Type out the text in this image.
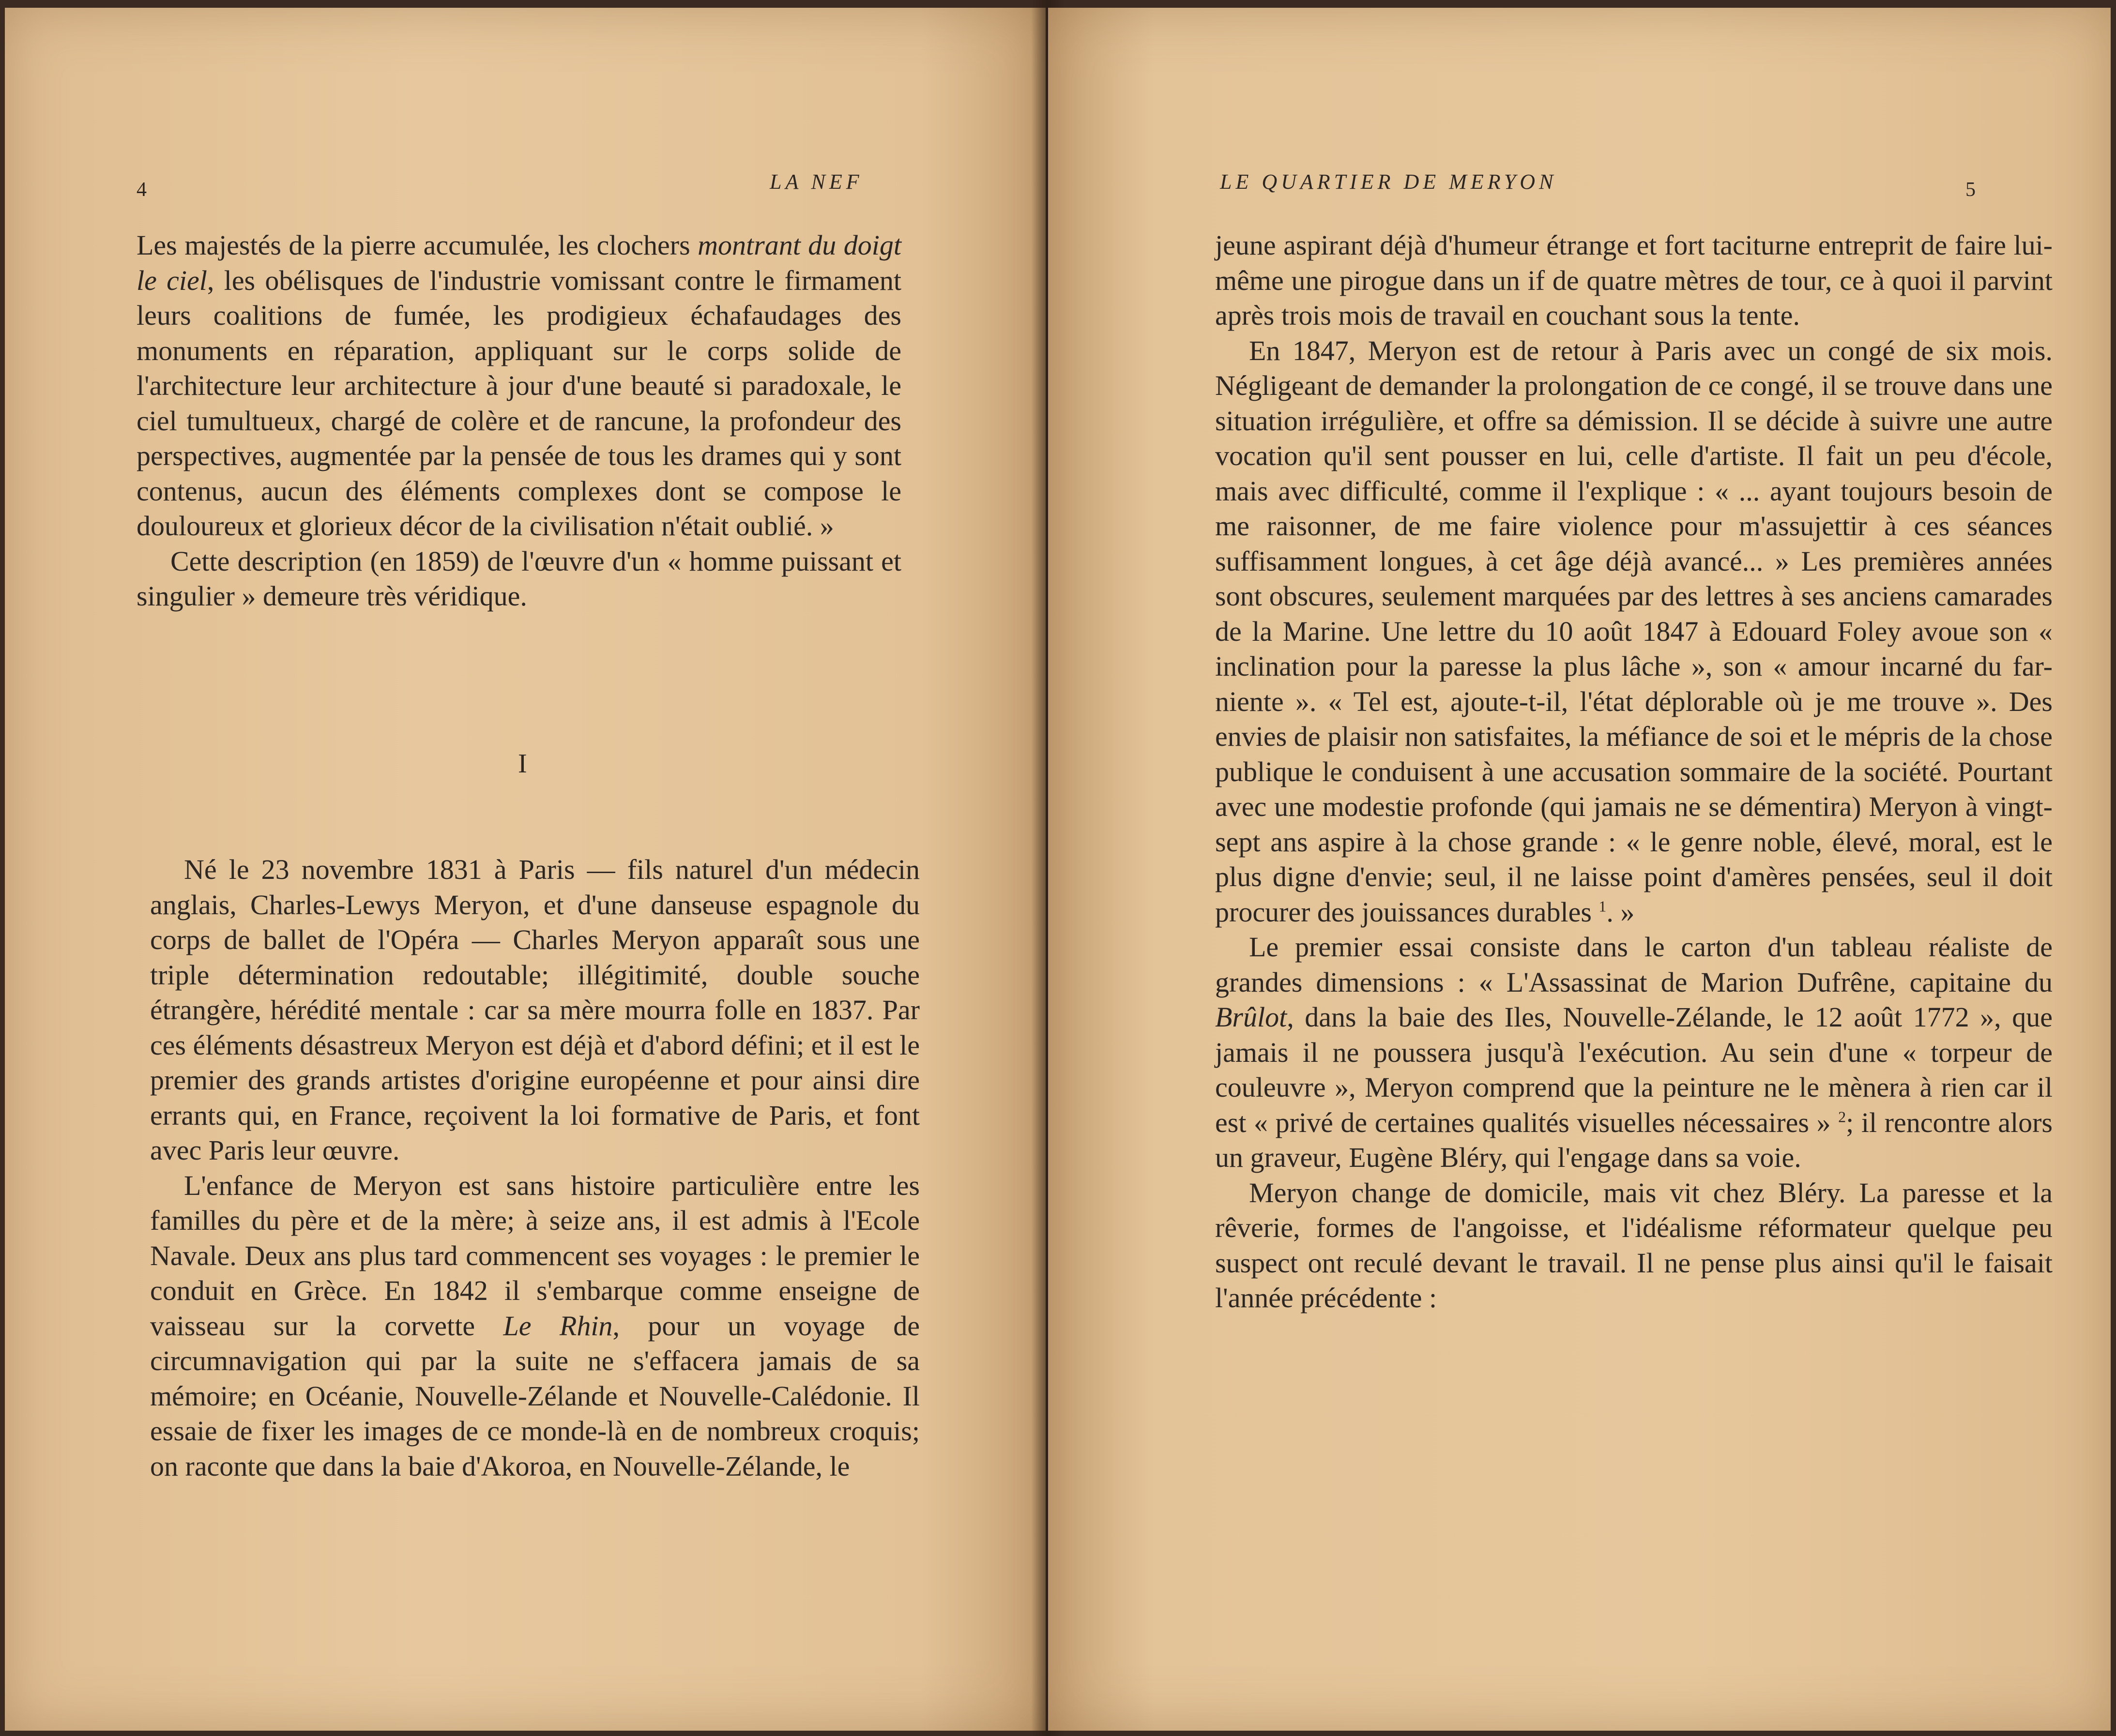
4	LA NEF

Les majestés de la pierre accumulée, les clochers montrant du doigt le ciel, les obélisques de l'industrie vomissant contre le firmament leurs coalitions de fumée, les prodigieux échafaudages des monuments en réparation, appliquant sur le corps solide de l'architecture leur architecture à jour d'une beauté si paradoxale, le ciel tumultueux, chargé de colère et de rancune, la profondeur des perspectives, augmentée par la pensée de tous les drames qui y sont contenus, aucun des éléments complexes dont se compose le douloureux et glorieux décor de la civilisation n'était oublié. »

Cette description (en 1859) de l'œuvre d'un « homme puissant et singulier » demeure très véridique.

I

Né le 23 novembre 1831 à Paris — fils naturel d'un médecin anglais, Charles-Lewys Meryon, et d'une danseuse espagnole du corps de ballet de l'Opéra — Charles Meryon apparaît sous une triple détermination redoutable; illégitimité, double souche étrangère, hérédité mentale : car sa mère mourra folle en 1837. Par ces éléments désastreux Meryon est déjà et d'abord défini; et il est le premier des grands artistes d'origine européenne et pour ainsi dire errants qui, en France, reçoivent la loi formative de Paris, et font avec Paris leur œuvre.

L'enfance de Meryon est sans histoire particulière entre les familles du père et de la mère; à seize ans, il est admis à l'Ecole Navale. Deux ans plus tard commencent ses voyages : le premier le conduit en Grèce. En 1842 il s'embarque comme enseigne de vaisseau sur la corvette Le Rhin, pour un voyage de circumnavigation qui par la suite ne s'effacera jamais de sa mémoire; en Océanie, Nouvelle-Zélande et Nouvelle-Calédonie. Il essaie de fixer les images de ce monde-là en de nombreux croquis; on raconte que dans la baie d'Akoroa, en Nouvelle-Zélande, le

LE QUARTIER DE MERYON	5

jeune aspirant déjà d'humeur étrange et fort taciturne entreprit de faire lui-même une pirogue dans un if de quatre mètres de tour, ce à quoi il parvint après trois mois de travail en couchant sous la tente.

En 1847, Meryon est de retour à Paris avec un congé de six mois. Négligeant de demander la prolongation de ce congé, il se trouve dans une situation irrégulière, et offre sa démission. Il se décide à suivre une autre vocation qu'il sent pousser en lui, celle d'artiste. Il fait un peu d'école, mais avec difficulté, comme il l'explique : « ... ayant toujours besoin de me raisonner, de me faire violence pour m'assujettir à ces séances suffisamment longues, à cet âge déjà avancé... » Les premières années sont obscures, seulement marquées par des lettres à ses anciens camarades de la Marine. Une lettre du 10 août 1847 à Edouard Foley avoue son « inclination pour la paresse la plus lâche », son « amour incarné du far-niente ». « Tel est, ajoute-t-il, l'état déplorable où je me trouve ». Des envies de plaisir non satisfaites, la méfiance de soi et le mépris de la chose publique le conduisent à une accusation sommaire de la société. Pourtant avec une modestie profonde (qui jamais ne se démentira) Meryon à vingt-sept ans aspire à la chose grande : « le genre noble, élevé, moral, est le plus digne d'envie; seul, il ne laisse point d'amères pensées, seul il doit procurer des jouissances durables $^1$. »

Le premier essai consiste dans le carton d'un tableau réaliste de grandes dimensions : « L'Assassinat de Marion Dufrêne, capitaine du Brûlot, dans la baie des Iles, Nouvelle-Zélande, le 12 août 1772 », que jamais il ne poussera jusqu'à l'exécution. Au sein d'une « torpeur de couleuvre », Meryon comprend que la peinture ne le mènera à rien car il est « privé de certaines qualités visuelles nécessaires » $^2$; il rencontre alors un graveur, Eugène Bléry, qui l'engage dans sa voie.

Meryon change de domicile, mais vit chez Bléry. La paresse et la rêverie, formes de l'angoisse, et l'idéalisme réformateur quelque peu suspect ont reculé devant le travail. Il ne pense plus ainsi qu'il le faisait l'année précédente :
